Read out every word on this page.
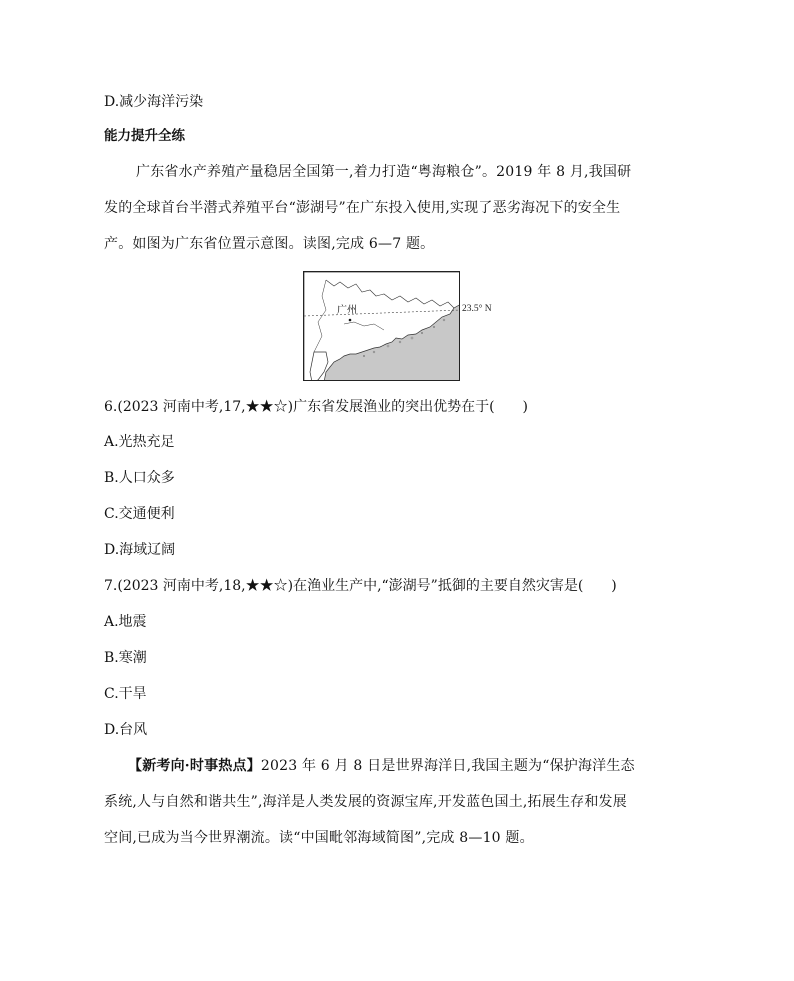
D.减少海洋污染
能力提升全练
广东省水产养殖产量稳居全国第一,着力打造“粤海粮仓”。2019 年 8 月,我国研
发的全球首台半潜式养殖平台“澎湖号”在广东投入使用,实现了恶劣海况下的安全生
产。如图为广东省位置示意图。读图,完成 6—7 题。
广州	23.5° N
6.(2023 河南中考,17,★★☆)广东省发展渔业的突出优势在于(　　)
A.光热充足
B.人口众多
C.交通便利
D.海域辽阔
7.(2023 河南中考,18,★★☆)在渔业生产中,“澎湖号”抵御的主要自然灾害是(　　)
A.地震
B.寒潮
C.干旱
D.台风
【新考向·时事热点】2023 年 6 月 8 日是世界海洋日,我国主题为“保护海洋生态
系统,人与自然和谐共生”,海洋是人类发展的资源宝库,开发蓝色国土,拓展生存和发展
空间,已成为当今世界潮流。读“中国毗邻海域简图”,完成 8—10 题。
